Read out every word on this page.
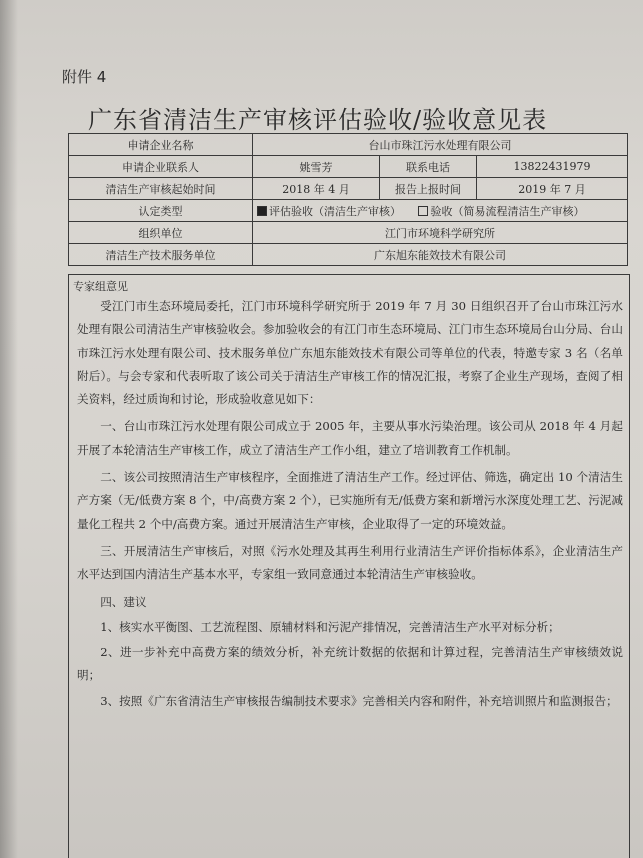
附件 4
广东省清洁生产审核评估验收/验收意见表
申请企业名称	台山市珠江污水处理有限公司		
申请企业联系人	姚雪芳	联系电话	13822431979
清洁生产审核起始时间	2018 年 4 月	报告上报时间	2019 年 7 月
认定类型	评估验收（清洁生产审核） 验收（简易流程清洁生产审核）		
组织单位	江门市环境科学研究所		
清洁生产技术服务单位	广东旭东能效技术有限公司		
专家组意见

受江门市生态环境局委托，江门市环境科学研究所于 2019 年 7 月 30 日组织召开了台山市珠江污水处理有限公司清洁生产审核验收会。参加验收会的有江门市生态环境局、江门市生态环境局台山分局、台山市珠江污水处理有限公司、技术服务单位广东旭东能效技术有限公司等单位的代表，特邀专家 3 名（名单附后）。与会专家和代表听取了该公司关于清洁生产审核工作的情况汇报，考察了企业生产现场，查阅了相关资料，经过质询和讨论，形成验收意见如下：

一、台山市珠江污水处理有限公司成立于 2005 年，主要从事水污染治理。该公司从 2018 年 4 月起开展了本轮清洁生产审核工作，成立了清洁生产工作小组，建立了培训教育工作机制。

二、该公司按照清洁生产审核程序，全面推进了清洁生产工作。经过评估、筛选，确定出 10 个清洁生产方案（无/低费方案 8 个，中/高费方案 2 个），已实施所有无/低费方案和新增污水深度处理工艺、污泥减量化工程共 2 个中/高费方案。通过开展清洁生产审核，企业取得了一定的环境效益。

三、开展清洁生产审核后，对照《污水处理及其再生利用行业清洁生产评价指标体系》，企业清洁生产水平达到国内清洁生产基本水平，专家组一致同意通过本轮清洁生产审核验收。

四、建议

1、核实水平衡图、工艺流程图、原辅材料和污泥产排情况，完善清洁生产水平对标分析；

2、进一步补充中高费方案的绩效分析，补充统计数据的依据和计算过程，完善清洁生产审核绩效说明；

3、按照《广东省清洁生产审核报告编制技术要求》完善相关内容和附件，补充培训照片和监测报告；
